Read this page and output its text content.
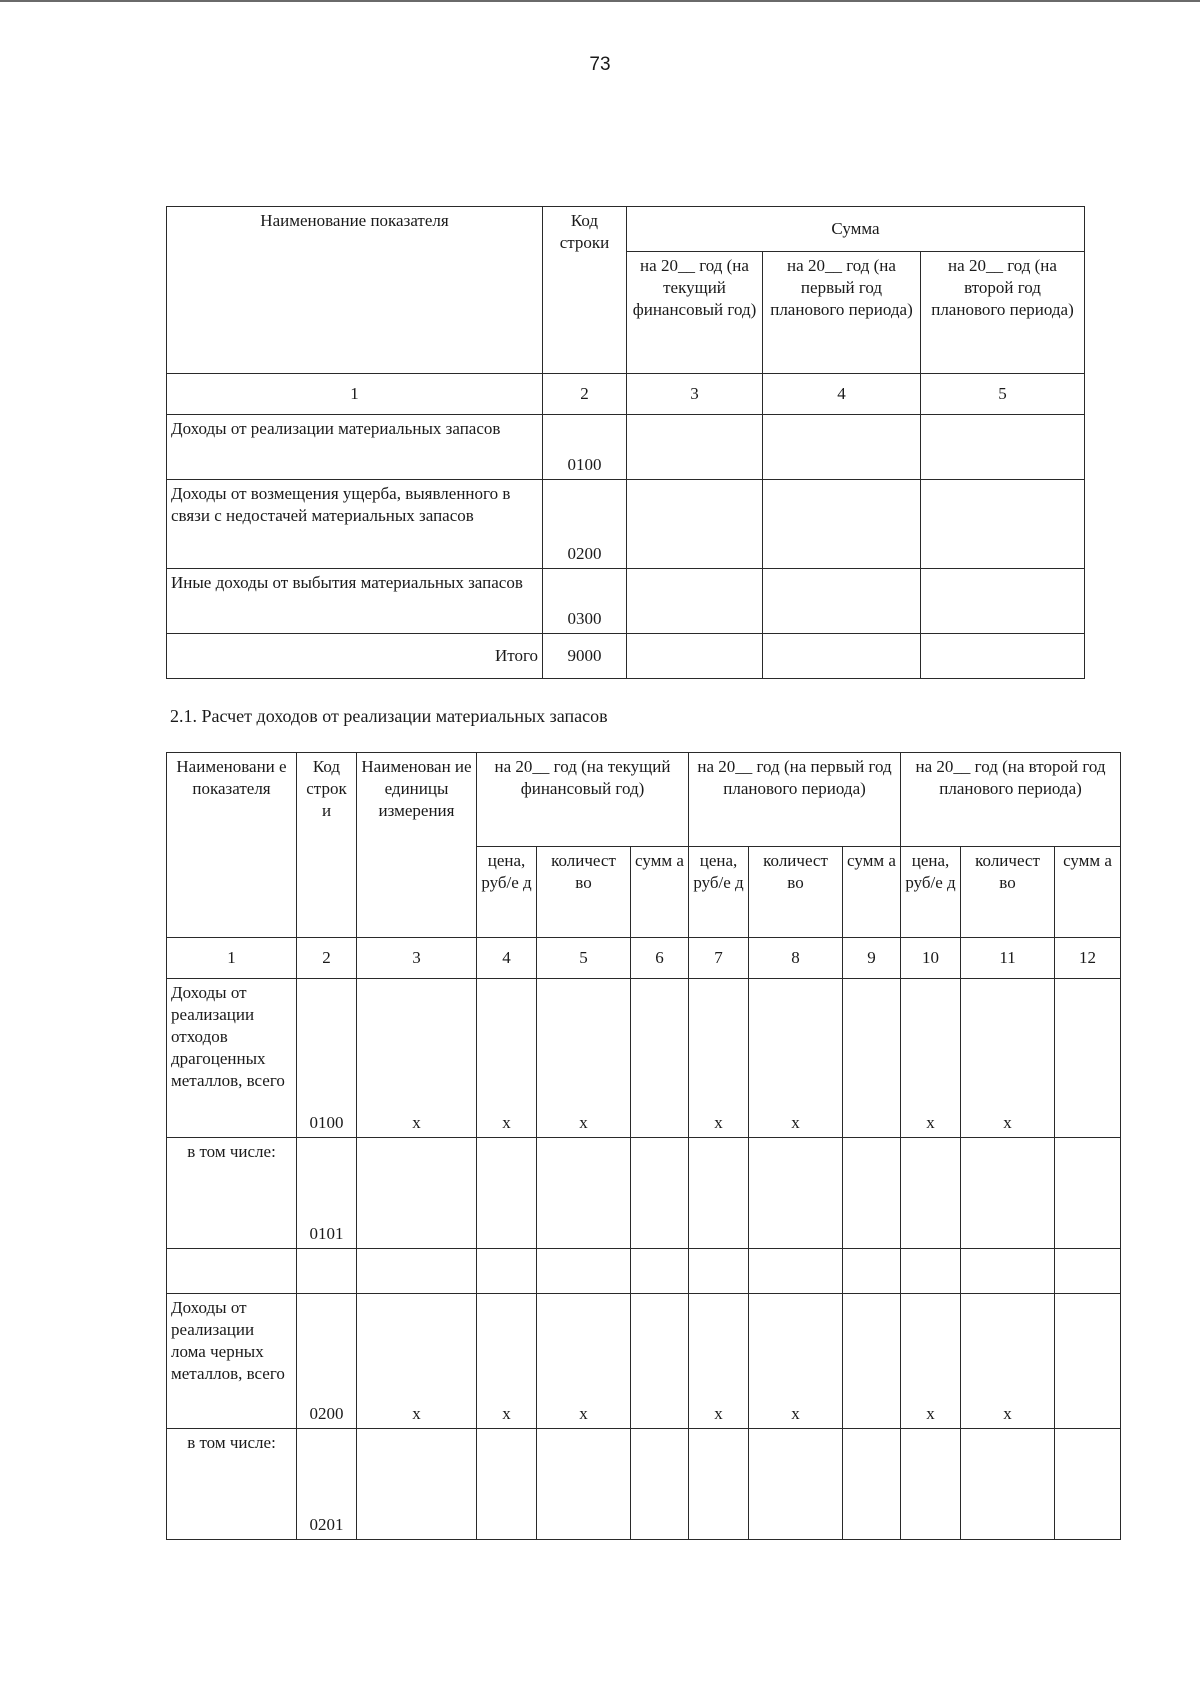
73
Наименование показателя	Код строки	Сумма		
		на 20__ год (на текущий финансовый год)	на 20__ год (на первый год планового периода)	на 20__ год (на второй год планового периода)
1	2	3	4	5
Доходы от реализации материальных запасов	0100			
Доходы от возмещения ущерба, выявленного в связи с недостачей материальных запасов	0200			
Иные доходы от выбытия материальных запасов	0300			
Итого	9000			
2.1. Расчет доходов от реализации материальных запасов
Наименовани е показателя	Код строк и	Наименован ие единицы измерения	на 20__ год (на текущий финансовый год)			на 20__ год (на первый год планового периода)			на 20__ год (на второй год планового периода)		
			цена, руб/е д	количест во	сумм а	цена, руб/е д	количест во	сумм а	цена, руб/е д	количест во	сумм а
1	2	3	4	5	6	7	8	9	10	11	12
Доходы от реализации отходов драгоценных металлов, всего	0100	x	x	x		x	x		x	x	
в том числе:	0101										

Доходы от реализации лома черных металлов, всего	0200	x	x	x		x	x		x	x	
в том числе:	0201										
